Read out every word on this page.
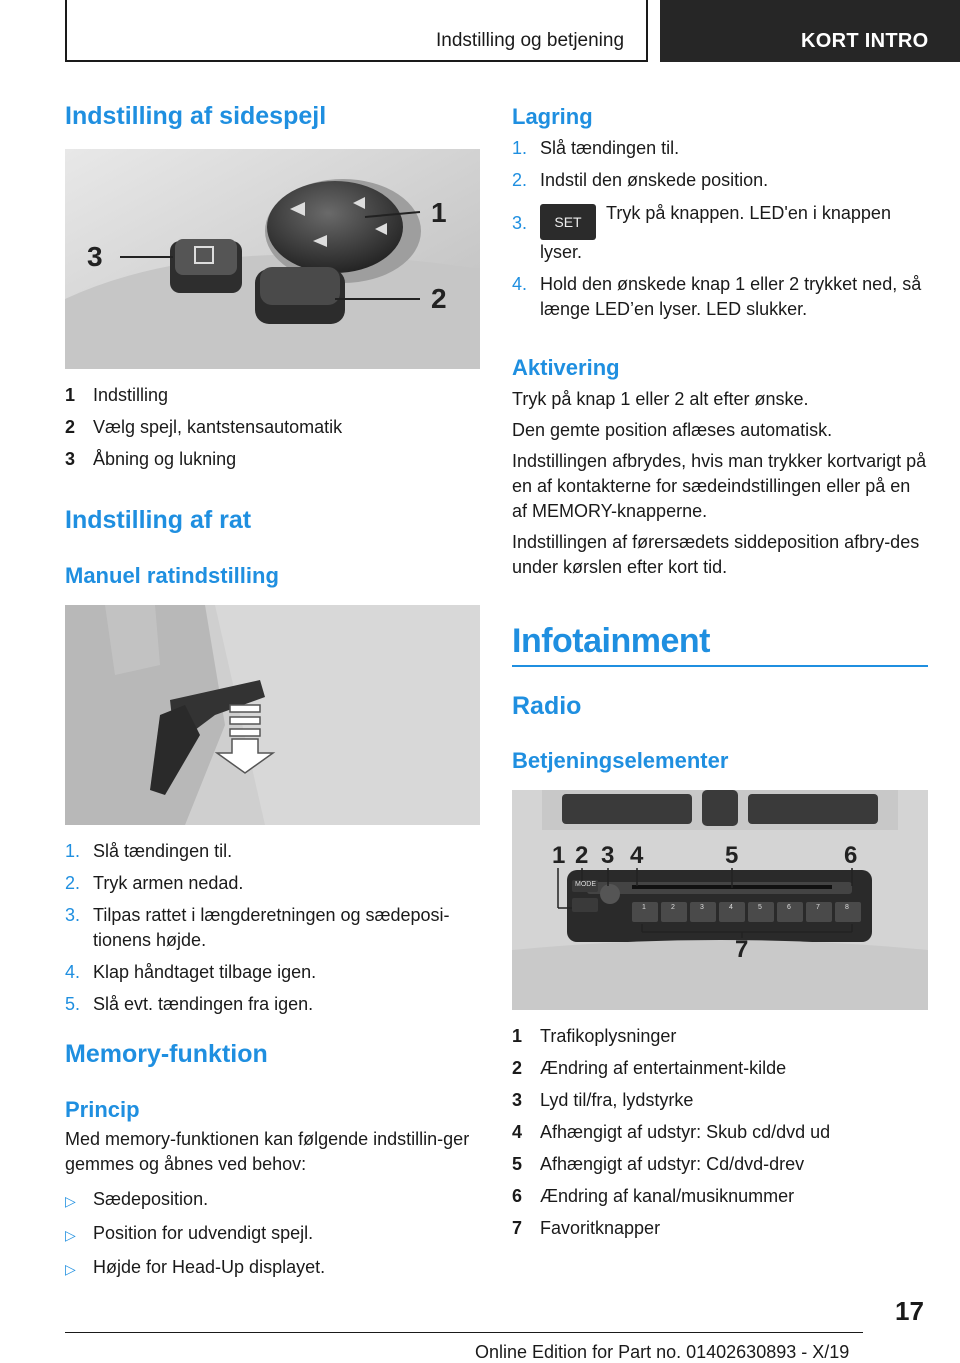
Indstilling og betjening	KORT INTRO
Indstilling af sidespejl
1
2
3
1 Indstilling
2 Vælg spejl, kantstensautomatik
3 Åbning og lukning
Indstilling af rat
Manuel ratindstilling
1. Slå tændingen til.
2. Tryk armen nedad.
3. Tilpas rattet i længderetningen og sædeposi‐tionens højde.
4. Klap håndtaget tilbage igen.
5. Slå evt. tændingen fra igen.
Memory-funktion
Princip

Med memory-funktionen kan følgende indstillin‐ger gemmes og åbnes ved behov:

▷ Sædeposition.
▷ Position for udvendigt spejl.
▷ Højde for Head-Up displayet.
Lagring
1. Slå tændingen til.
2. Indstil den ønskede position.
3.	SET Tryk på knappen. LED'en i knappen lyser.
4. Hold den ønskede knap 1 eller 2 trykket ned, så længe LED’en lyser. LED slukker.
Aktivering

Tryk på knap 1 eller 2 alt efter ønske.

Den gemte position aflæses automatisk.

Indstillingen afbrydes, hvis man trykker kortvarigt på en af kontakterne for sædeindstillingen eller på en af MEMORY-knapperne.

Indstillingen af førersædets siddeposition afbry‐des under kørslen efter kort tid.

Infotainment
Radio
Betjeningselementer
MODE
1	2	3	4	5	6	7	8
1 2 3 4	5	6
7
1 Trafikoplysninger
2 Ændring af entertainment-kilde
3 Lyd til/fra, lydstyrke
4 Afhængigt af udstyr: Skub cd/dvd ud
5 Afhængigt af udstyr: Cd/dvd-drev
6 Ændring af kanal/musiknummer
7 Favoritknapper
17
Online Edition for Part no. 01402630893 - X/19
